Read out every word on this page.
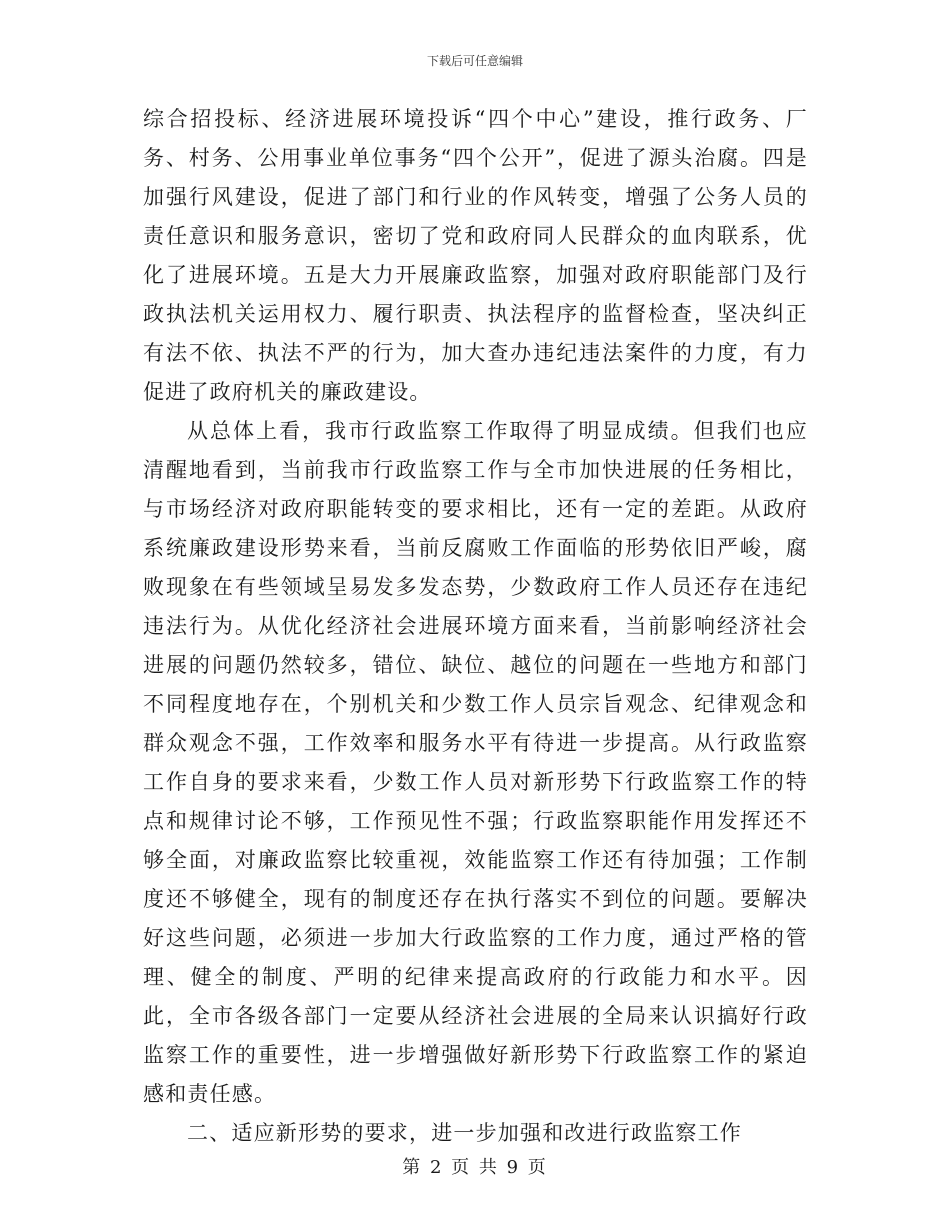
下载后可任意编辑

综合招投标、经济进展环境投诉“四个中心”建设，推行政务、厂务、村务、公用事业单位事务“四个公开”，促进了源头治腐。四是加强行风建设，促进了部门和行业的作风转变，增强了公务人员的责任意识和服务意识，密切了党和政府同人民群众的血肉联系，优化了进展环境。五是大力开展廉政监察，加强对政府职能部门及行政执法机关运用权力、履行职责、执法程序的监督检查，坚决纠正有法不依、执法不严的行为，加大查办违纪违法案件的力度，有力促进了政府机关的廉政建设。

从总体上看，我市行政监察工作取得了明显成绩。但我们也应清醒地看到，当前我市行政监察工作与全市加快进展的任务相比，与市场经济对政府职能转变的要求相比，还有一定的差距。从政府系统廉政建设形势来看，当前反腐败工作面临的形势依旧严峻，腐败现象在有些领域呈易发多发态势，少数政府工作人员还存在违纪违法行为。从优化经济社会进展环境方面来看，当前影响经济社会进展的问题仍然较多，错位、缺位、越位的问题在一些地方和部门不同程度地存在，个别机关和少数工作人员宗旨观念、纪律观念和群众观念不强，工作效率和服务水平有待进一步提高。从行政监察工作自身的要求来看，少数工作人员对新形势下行政监察工作的特点和规律讨论不够，工作预见性不强；行政监察职能作用发挥还不够全面，对廉政监察比较重视，效能监察工作还有待加强；工作制度还不够健全，现有的制度还存在执行落实不到位的问题。要解决好这些问题，必须进一步加大行政监察的工作力度，通过严格的管理、健全的制度、严明的纪律来提高政府的行政能力和水平。因此，全市各级各部门一定要从经济社会进展的全局来认识搞好行政监察工作的重要性，进一步增强做好新形势下行政监察工作的紧迫感和责任感。

二、适应新形势的要求，进一步加强和改进行政监察工作

第 2 页 共 9 页
